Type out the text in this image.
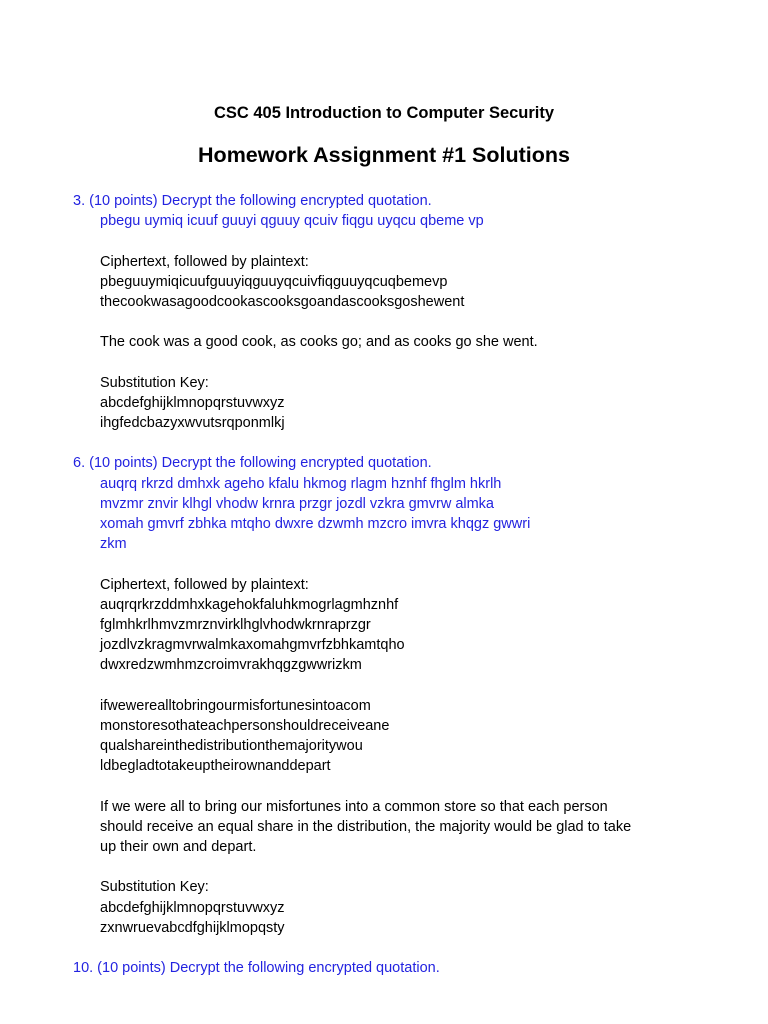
CSC 405 Introduction to Computer Security
Homework Assignment #1 Solutions
3. (10 points) Decrypt the following encrypted quotation.
pbegu uymiq icuuf guuyi qguuy qcuiv fiqgu uyqcu qbeme vp
Ciphertext, followed by plaintext:
pbeguuymiqicuufguuyiqguuyqcuivfiqguuyqcuqbemevp
thecookwasagoodcookascooksgoandascooksgoshewent
The cook was a good cook, as cooks go; and as cooks go she went.
Substitution Key:
abcdefghijklmnopqrstuvwxyz
ihgfedcbazyxwvutsrqponmlkj
6. (10 points) Decrypt the following encrypted quotation.
auqrq rkrzd dmhxk ageho kfalu hkmog rlagm hznhf fhglm hkrlh
mvzmr znvir klhgl vhodw krnra przgr jozdl vzkra gmvrw almka
xomah gmvrf zbhka mtqho dwxre dzwmh mzcro imvra khqgz gwwri
zkm
Ciphertext, followed by plaintext:
auqrqrkrzddmhxkagehokfaluhkmogrlagmhznhf
fglmhkrlhmvzmrznvirklhglvhodwkrnraprzgr
jozdlvzkragmvrwalmkaxomahgmvrfzbhkamtqho
dwxredzwmhmzcroimvrakhqgzgwwrizkm
ifwewerealltobringourmisfortunesintoacom
monstoresothateachpersonshouldreceiveane
qualshareinthedistributionthemajoritywou
ldbegladtotakeuptheirownanddepart
If we were all to bring our misfortunes into a common store so that each person
should receive an equal share in the distribution, the majority would be glad to take
up their own and depart.
Substitution Key:
abcdefghijklmnopqrstuvwxyz
zxnwruevabcdfghijklmopqsty
10. (10 points) Decrypt the following encrypted quotation.
